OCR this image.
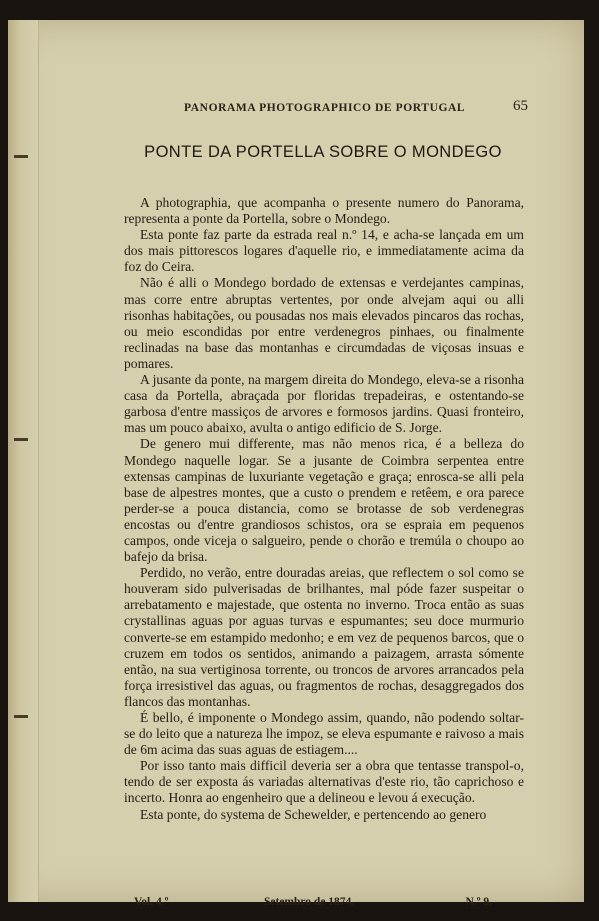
PANORAMA PHOTOGRAPHICO DE PORTUGAL	65
PONTE DA PORTELLA SOBRE O MONDEGO

A photographia, que acompanha o presente numero do Panorama, representa a ponte da Portella, sobre o Mondego.

Esta ponte faz parte da estrada real n.º 14, e acha-se lançada em um dos mais pittorescos logares d'aquelle rio, e immediatamente acima da foz do Ceira.

Não é alli o Mondego bordado de extensas e verdejantes campinas, mas corre entre abruptas vertentes, por onde alvejam aqui ou alli risonhas habitações, ou pousadas nos mais elevados pincaros das rochas, ou meio escondidas por entre verdenegros pinhaes, ou finalmente reclinadas na base das montanhas e circumdadas de viçosas insuas e pomares.

A jusante da ponte, na margem direita do Mondego, eleva-se a risonha casa da Portella, abraçada por floridas trepadeiras, e ostentando-se garbosa d'entre massiços de arvores e formosos jardins. Quasi fronteiro, mas um pouco abaixo, avulta o antigo edificio de S. Jorge.

De genero mui differente, mas não menos rica, é a belleza do Mondego naquelle logar. Se a jusante de Coimbra serpentea entre extensas campinas de luxuriante vegetação e graça; enrosca-se alli pela base de alpestres montes, que a custo o prendem e retêem, e ora parece perder-se a pouca distancia, como se brotasse de sob verdenegras encostas ou d'entre grandiosos schistos, ora se espraia em pequenos campos, onde viceja o salgueiro, pende o chorão e tremúla o choupo ao bafejo da brisa.

Perdido, no verão, entre douradas areias, que reflectem o sol como se houveram sido pulverisadas de brilhantes, mal póde fazer suspeitar o arrebatamento e majestade, que ostenta no inverno. Troca então as suas crystallinas aguas por aguas turvas e espumantes; seu doce murmurio converte-se em estampido medonho; e em vez de pequenos barcos, que o cruzem em todos os sentidos, animando a paizagem, arrasta sómente então, na sua vertiginosa torrente, ou troncos de arvores arrancados pela força irresistivel das aguas, ou fragmentos de rochas, desaggregados dos flancos das montanhas.

É bello, é imponente o Mondego assim, quando, não podendo soltar-se do leito que a natureza lhe impoz, se eleva espumante e raivoso a mais de 6m acima das suas aguas de estiagem....

Por isso tanto mais difficil deveria ser a obra que tentasse transpol-o, tendo de ser exposta ás variadas alternativas d'este rio, tão caprichoso e incerto. Honra ao engenheiro que a delineou e levou á execução.

Esta ponte, do systema de Schewelder, e pertencendo ao genero

Vol. 4.º	Setembro de 1874.	N.º 9.
